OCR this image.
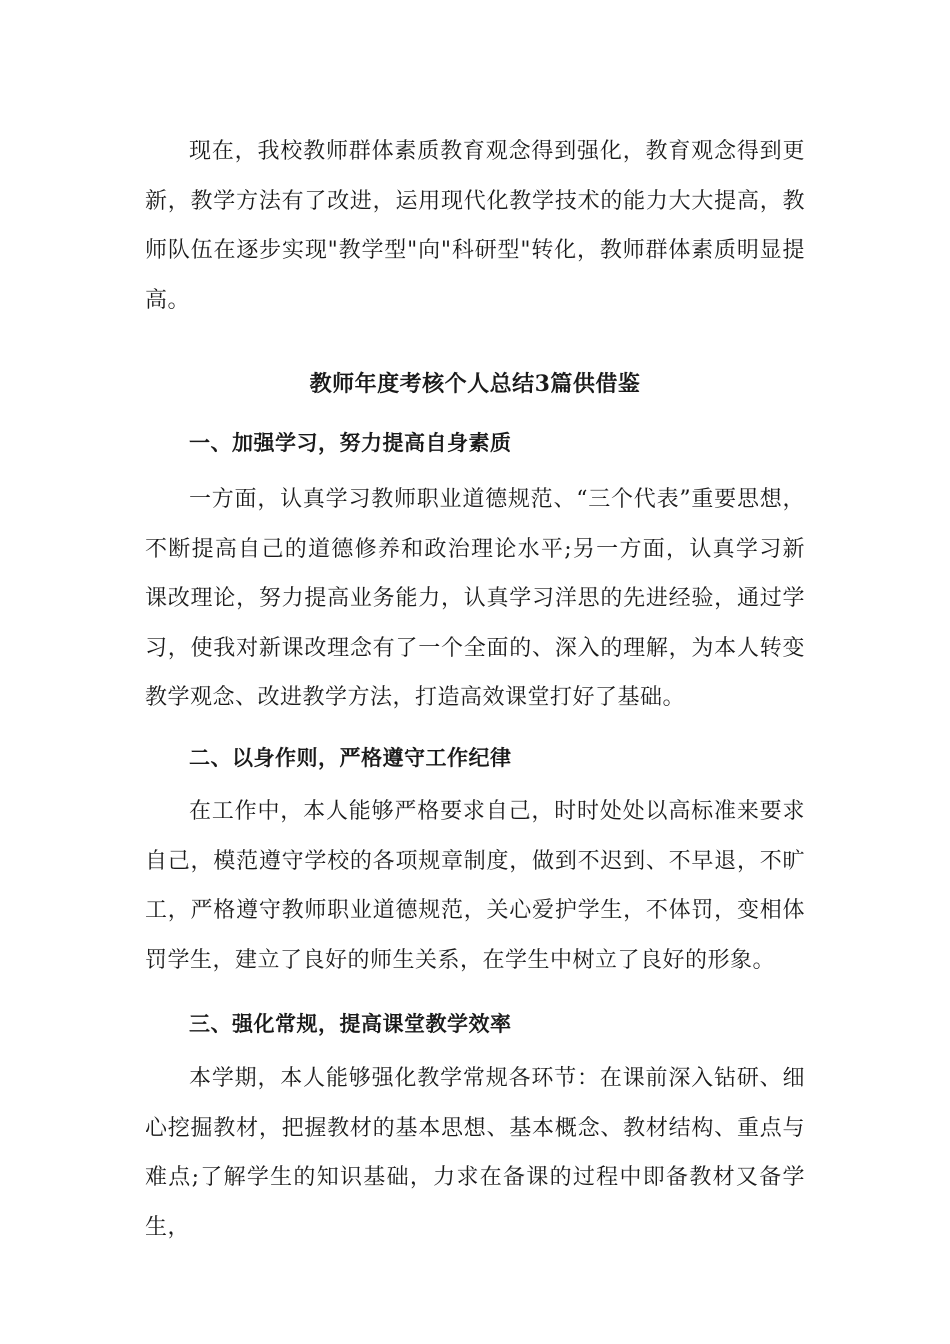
现在，我校教师群体素质教育观念得到强化，教育观念得到更新，教学方法有了改进，运用现代化教学技术的能力大大提高，教师队伍在逐步实现"教学型"向"科研型"转化，教师群体素质明显提高。

教师年度考核个人总结3篇供借鉴
一、加强学习，努力提高自身素质

一方面，认真学习教师职业道德规范、“三个代表”重要思想，不断提高自己的道德修养和政治理论水平;另一方面，认真学习新课改理论，努力提高业务能力，认真学习洋思的先进经验，通过学习，使我对新课改理念有了一个全面的、深入的理解，为本人转变教学观念、改进教学方法，打造高效课堂打好了基础。

二、以身作则，严格遵守工作纪律

在工作中，本人能够严格要求自己，时时处处以高标准来要求自己，模范遵守学校的各项规章制度，做到不迟到、不早退，不旷工，严格遵守教师职业道德规范，关心爱护学生，不体罚，变相体罚学生，建立了良好的师生关系，在学生中树立了良好的形象。

三、强化常规，提高课堂教学效率

本学期，本人能够强化教学常规各环节：在课前深入钻研、细心挖掘教材，把握教材的基本思想、基本概念、教材结构、重点与难点;了解学生的知识基础，力求在备课的过程中即备教材又备学生，
